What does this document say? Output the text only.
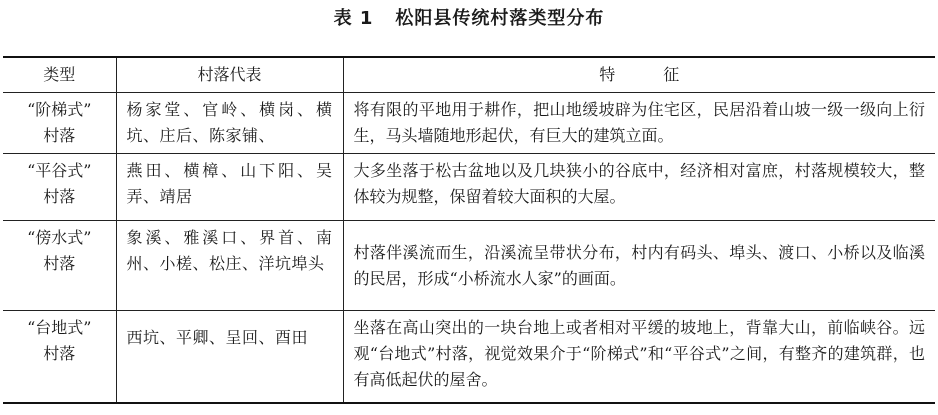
表 1 松阳县传统村落类型分布
类型	村落代表	特 征

“阶梯式”
村落	杨家堂、官岭、横岗、横坑、庄后、陈家铺、	将有限的平地用于耕作，把山地缓坡辟为住宅区，民居沿着山坡一级一级向上衍生，马头墙随地形起伏，有巨大的建筑立面。

“平谷式”
村落	燕田、横樟、山下阳、吴弄、靖居	大多坐落于松古盆地以及几块狭小的谷底中，经济相对富庶，村落规模较大，整体较为规整，保留着较大面积的大屋。

“傍水式”
村落	象溪、雅溪口、界首、南州、小槎、松庄、洋坑埠头	村落伴溪流而生，沿溪流呈带状分布，村内有码头、埠头、渡口、小桥以及临溪的民居，形成“小桥流水人家”的画面。

“台地式”
村落	西坑、平卿、呈回、酉田	坐落在高山突出的一块台地上或者相对平缓的坡地上，背靠大山，前临峡谷。远观“台地式”村落，视觉效果介于“阶梯式”和“平谷式”之间，有整齐的建筑群，也有高低起伏的屋舍。
